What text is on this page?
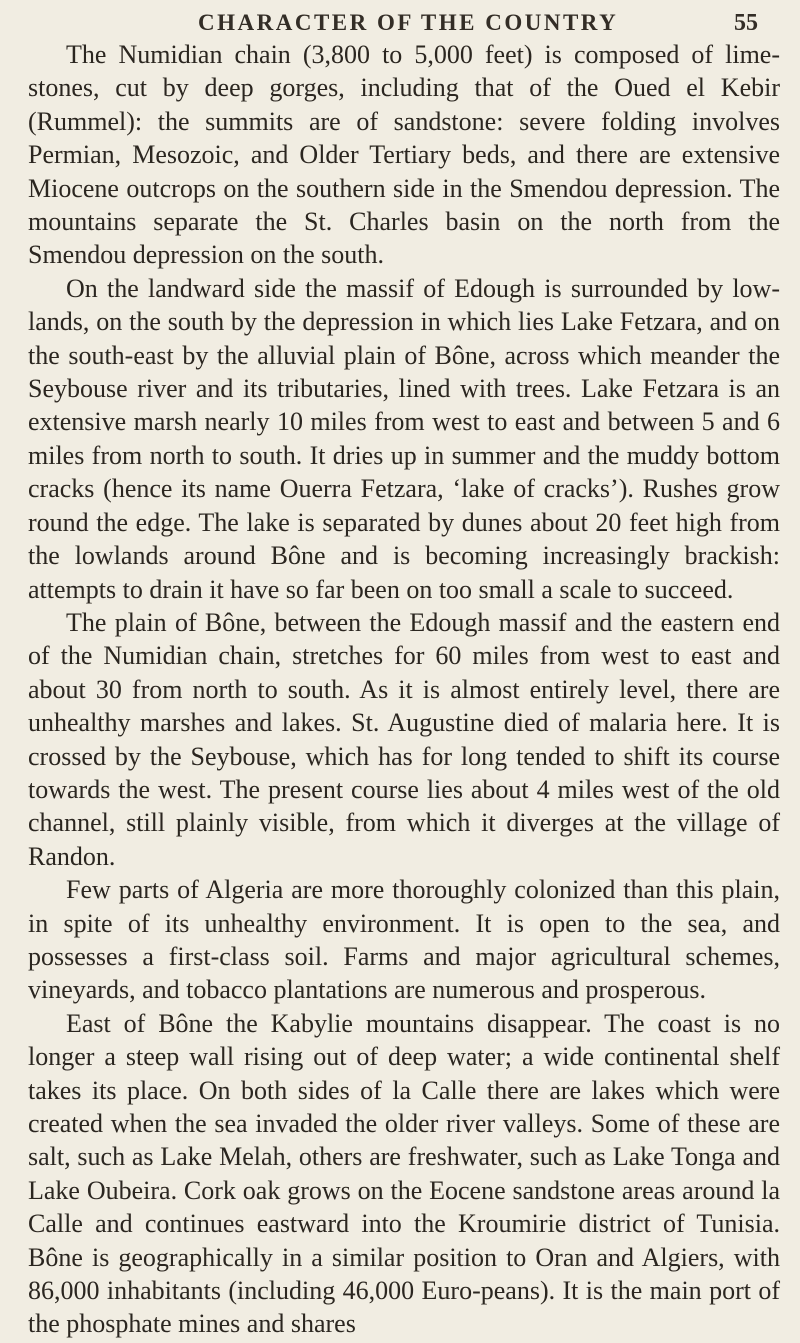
CHARACTER OF THE COUNTRY	55

The Numidian chain (3,800 to 5,000 feet) is composed of lime-stones, cut by deep gorges, including that of the Oued el Kebir (Rummel): the summits are of sandstone: severe folding involves Permian, Mesozoic, and Older Tertiary beds, and there are extensive Miocene outcrops on the southern side in the Smendou depression. The mountains separate the St. Charles basin on the north from the Smendou depression on the south.

On the landward side the massif of Edough is surrounded by low-lands, on the south by the depression in which lies Lake Fetzara, and on the south-east by the alluvial plain of Bône, across which meander the Seybouse river and its tributaries, lined with trees. Lake Fetzara is an extensive marsh nearly 10 miles from west to east and between 5 and 6 miles from north to south. It dries up in summer and the muddy bottom cracks (hence its name Ouerra Fetzara, ‘lake of cracks’). Rushes grow round the edge. The lake is separated by dunes about 20 feet high from the lowlands around Bône and is becoming increasingly brackish: attempts to drain it have so far been on too small a scale to succeed.

The plain of Bône, between the Edough massif and the eastern end of the Numidian chain, stretches for 60 miles from west to east and about 30 from north to south. As it is almost entirely level, there are unhealthy marshes and lakes. St. Augustine died of malaria here. It is crossed by the Seybouse, which has for long tended to shift its course towards the west. The present course lies about 4 miles west of the old channel, still plainly visible, from which it diverges at the village of Randon.

Few parts of Algeria are more thoroughly colonized than this plain, in spite of its unhealthy environment. It is open to the sea, and possesses a first-class soil. Farms and major agricultural schemes, vineyards, and tobacco plantations are numerous and prosperous.

East of Bône the Kabylie mountains disappear. The coast is no longer a steep wall rising out of deep water; a wide continental shelf takes its place. On both sides of la Calle there are lakes which were created when the sea invaded the older river valleys. Some of these are salt, such as Lake Melah, others are freshwater, such as Lake Tonga and Lake Oubeira. Cork oak grows on the Eocene sandstone areas around la Calle and continues eastward into the Kroumirie district of Tunisia. Bône is geographically in a similar position to Oran and Algiers, with 86,000 inhabitants (including 46,000 Euro-peans). It is the main port of the phosphate mines and shares
